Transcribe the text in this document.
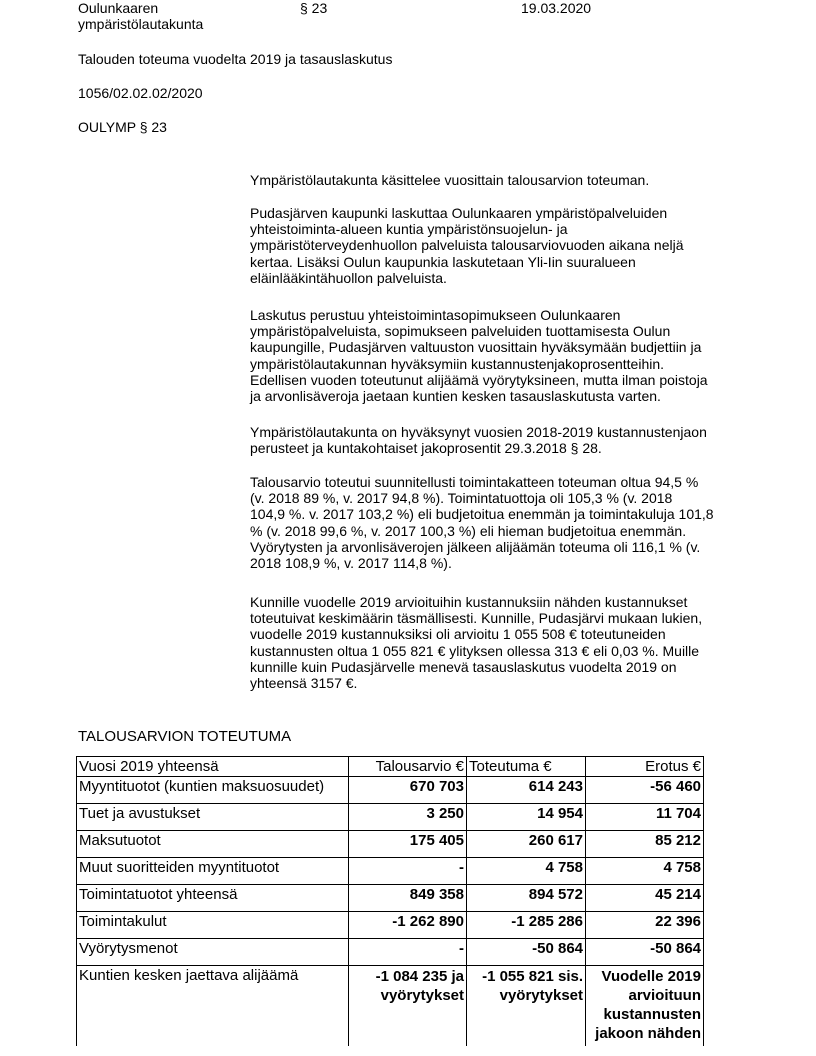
Oulunkaaren
ympäristölautakunta
§ 23	19.03.2020
Talouden toteuma vuodelta 2019 ja tasauslaskutus
1056/02.02.02/2020
OULYMP § 23
Ympäristölautakunta käsittelee vuosittain talousarvion toteuman.
Pudasjärven kaupunki laskuttaa Oulunkaaren ympäristöpalveluiden
yhteistoiminta-alueen kuntia ympäristönsuojelun- ja
ympäristöterveydenhuollon palveluista talousarviovuoden aikana neljä
kertaa. Lisäksi Oulun kaupunkia laskutetaan Yli-Iin suuralueen
eläinlääkintähuollon palveluista.
Laskutus perustuu yhteistoimintasopimukseen Oulunkaaren
ympäristöpalveluista, sopimukseen palveluiden tuottamisesta Oulun
kaupungille, Pudasjärven valtuuston vuosittain hyväksymään budjettiin ja
ympäristölautakunnan hyväksymiin kustannustenjakoprosentteihin.
Edellisen vuoden toteutunut alijäämä vyörytyksineen, mutta ilman poistoja
ja arvonlisäveroja jaetaan kuntien kesken tasauslaskutusta varten.
Ympäristölautakunta on hyväksynyt vuosien 2018-2019 kustannustenjaon
perusteet ja kuntakohtaiset jakoprosentit 29.3.2018 § 28.
Talousarvio toteutui suunnitellusti toimintakatteen toteuman oltua 94,5 %
(v. 2018 89 %, v. 2017 94,8 %). Toimintatuottoja oli 105,3 % (v. 2018
104,9 %. v. 2017 103,2 %) eli budjetoitua enemmän ja toimintakuluja 101,8
% (v. 2018 99,6 %, v. 2017 100,3 %) eli hieman budjetoitua enemmän.
Vyörytysten ja arvonlisäverojen jälkeen alijäämän toteuma oli 116,1 % (v.
2018 108,9 %, v. 2017 114,8 %).
Kunnille vuodelle 2019 arvioituihin kustannuksiin nähden kustannukset
toteutuivat keskimäärin täsmällisesti. Kunnille, Pudasjärvi mukaan lukien,
vuodelle 2019 kustannuksiksi oli arvioitu 1 055 508 € toteutuneiden
kustannusten oltua 1 055 821 € ylityksen ollessa 313 € eli 0,03 %. Muille
kunnille kuin Pudasjärvelle menevä tasauslaskutus vuodelta 2019 on
yhteensä 3157 €.
TALOUSARVION TOTEUTUMA
Vuosi 2019 yhteensä	Talousarvio €	Toteutuma €	Erotus €
Myyntituotot (kuntien maksuosuudet)	670 703	614 243	-56 460
Tuet ja avustukset	3 250	14 954	11 704
Maksutuotot	175 405	260 617	85 212
Muut suoritteiden myyntituotot	-	4 758	4 758
Toimintatuotot yhteensä	849 358	894 572	45 214
Toimintakulut	-1 262 890	-1 285 286	22 396
Vyörytysmenot	-	-50 864	-50 864
Kuntien kesken jaettava alijäämä	-1 084 235 ja vyörytykset	-1 055 821 sis. vyörytykset	Vuodelle 2019 arvioituun kustannusten jakoon nähden
